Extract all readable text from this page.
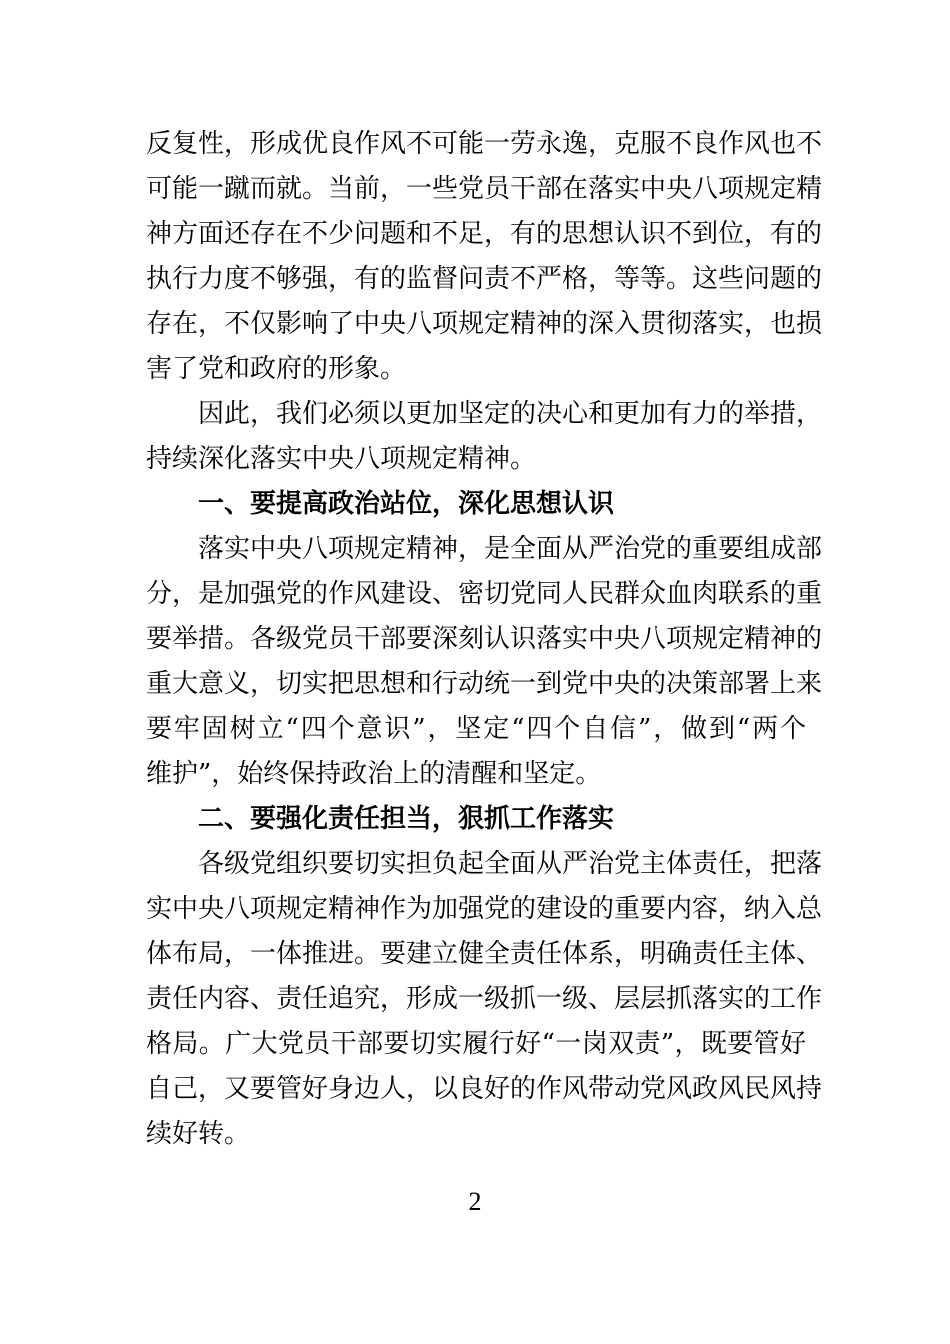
反复性，形成优良作风不可能一劳永逸，克服不良作风也不
可能一蹴而就。当前，一些党员干部在落实中央八项规定精
神方面还存在不少问题和不足，有的思想认识不到位，有的
执行力度不够强，有的监督问责不严格，等等。这些问题的
存在，不仅影响了中央八项规定精神的深入贯彻落实，也损
害了党和政府的形象。
因此，我们必须以更加坚定的决心和更加有力的举措，
持续深化落实中央八项规定精神。
一、要提高政治站位，深化思想认识
落实中央八项规定精神，是全面从严治党的重要组成部
分，是加强党的作风建设、密切党同人民群众血肉联系的重
要举措。各级党员干部要深刻认识落实中央八项规定精神的
重大意义，切实把思想和行动统一到党中央的决策部署上来
要牢固树立“四个意识”，坚定“四个自信”，做到“两个
维护”，始终保持政治上的清醒和坚定。
二、要强化责任担当，狠抓工作落实
各级党组织要切实担负起全面从严治党主体责任，把落
实中央八项规定精神作为加强党的建设的重要内容，纳入总
体布局，一体推进。要建立健全责任体系，明确责任主体、
责任内容、责任追究，形成一级抓一级、层层抓落实的工作
格局。广大党员干部要切实履行好“一岗双责”，既要管好
自己，又要管好身边人，以良好的作风带动党风政风民风持
续好转。
2
